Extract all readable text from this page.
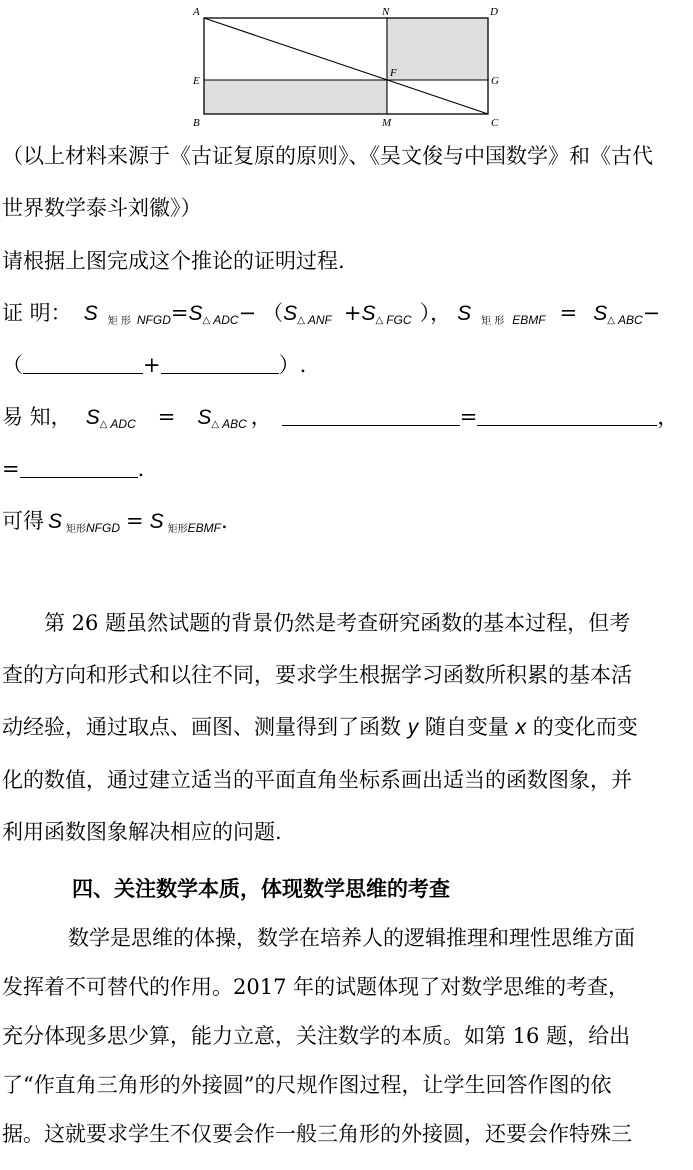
A	N	D
E
F
G
B	M	C
（以上材料来源于《古证复原的原则》、《吴文俊与中国数学》和《古代
世界数学泰斗刘徽》）
请根据上图完成这个推论的证明过程.
证 明： S 矩 形 $_{NFGD}$=S△ $_{ADC}$− （S△ $_{ANF}$ +S△ $_{FGC}$ ）， S 矩 形 $_{EBMF}$ = S△ $_{ABC}$−
（	+	）.
易 知， S△ $_{ADC}$ = S△ $_{ABC}$ ，	=	，
=	.
可得 S 矩形$_{NFGD}$ = S 矩形$_{EBMF}$.
第 26 题虽然试题的背景仍然是考查研究函数的基本过程，但考
查的方向和形式和以往不同，要求学生根据学习函数所积累的基本活
动经验，通过取点、画图、测量得到了函数 y 随自变量 x 的变化而变
化的数值，通过建立适当的平面直角坐标系画出适当的函数图象，并
利用函数图象解决相应的问题.
四、关注数学本质，体现数学思维的考查
数学是思维的体操，数学在培养人的逻辑推理和理性思维方面
发挥着不可替代的作用。2017 年的试题体现了对数学思维的考查，
充分体现多思少算，能力立意，关注数学的本质。如第 16 题，给出
了“作直角三角形的外接圆”的尺规作图过程，让学生回答作图的依
据。这就要求学生不仅要会作一般三角形的外接圆，还要会作特殊三
